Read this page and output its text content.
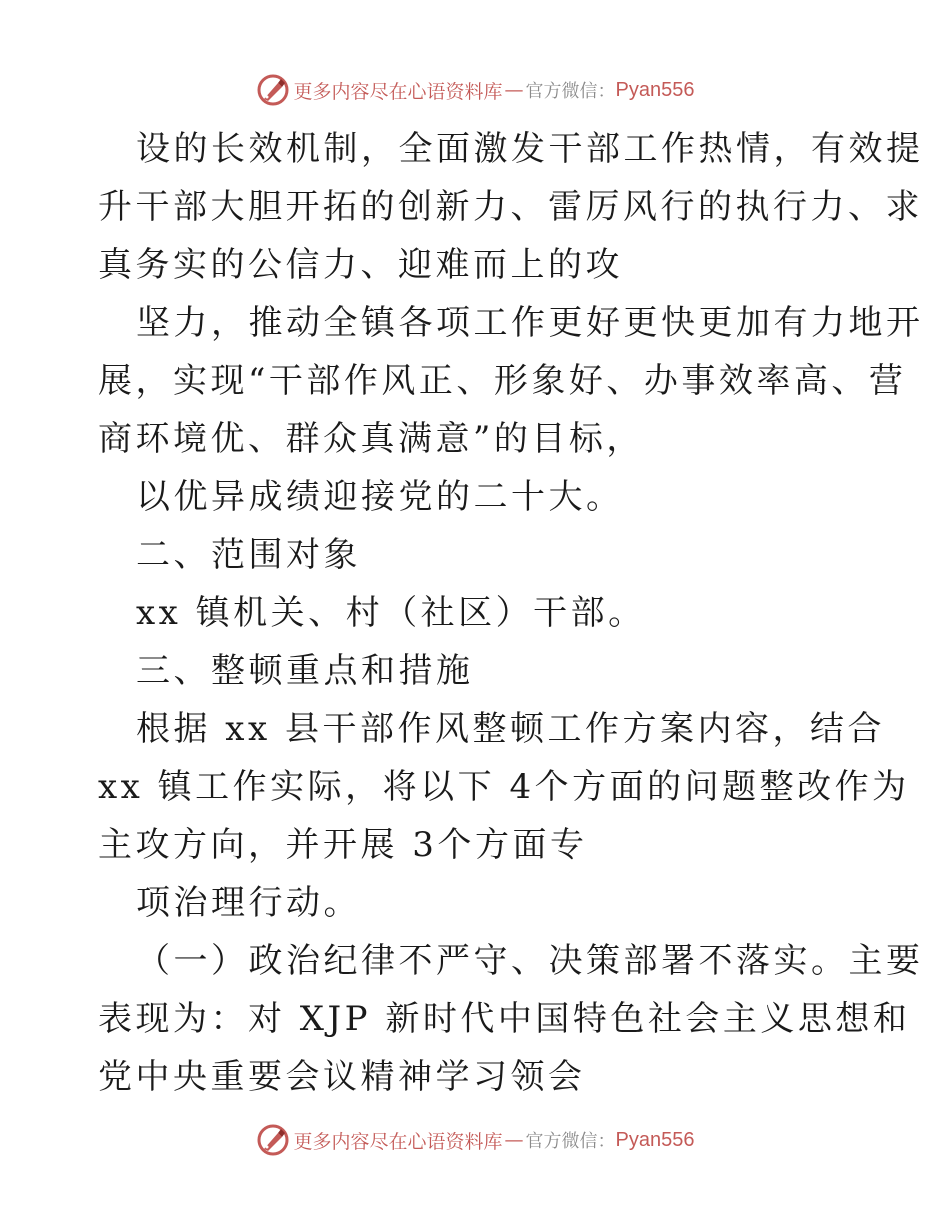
更多内容尽在心语资料库 — 官方微信： Pyan556
设的长效机制，全面激发干部工作热情，有效提
升干部大胆开拓的创新力、雷厉风行的执行力、求
真务实的公信力、迎难而上的攻
坚力，推动全镇各项工作更好更快更加有力地开
展，实现“干部作风正、形象好、办事效率高、营
商环境优、群众真满意”的目标，
以优异成绩迎接党的二十大。
二、范围对象
xx 镇机关、村（社区）干部。
三、整顿重点和措施
根据 xx 县干部作风整顿工作方案内容，结合
xx 镇工作实际，将以下 4个方面的问题整改作为
主攻方向，并开展 3个方面专
项治理行动。
（一）政治纪律不严守、决策部署不落实。主要
表现为：对 XJP 新时代中国特色社会主义思想和
党中央重要会议精神学习领会
更多内容尽在心语资料库 — 官方微信： Pyan556
